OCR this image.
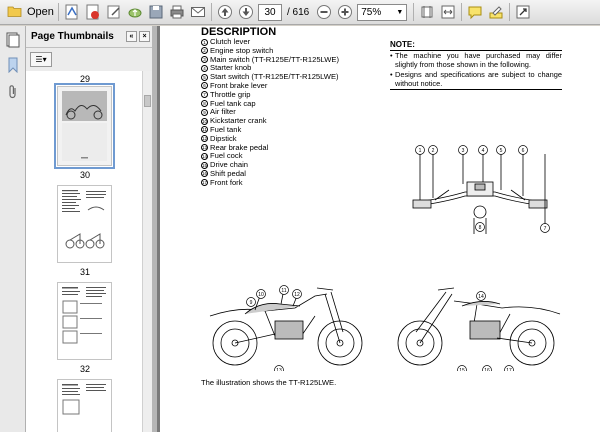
Open	30	/ 616	75% ▼
Page Thumbnails	«	×
☰▾
29
30
31
32
DESCRIPTION
1 Clutch lever
2 Engine stop switch
3 Main switch (TT-R125E/TT-R125LWE)
4 Starter knob
5 Start switch (TT-R125E/TT-R125LWE)
6 Front brake lever
7 Throttle grip
8 Fuel tank cap
9 Air filter
10 Kickstarter crank
11 Fuel tank
12 Dipstick
13 Rear brake pedal
14 Fuel cock
15 Drive chain
16 Shift pedal
17 Front fork
NOTE:
• The machine you have purchased may differ slightly from those shown in the following.
• Designs and specifications are subject to change without notice.
1 2	3	4	5	6
7
8
9
10
11
12
13
14
15	16	17
The illustration shows the TT-R125LWE.
